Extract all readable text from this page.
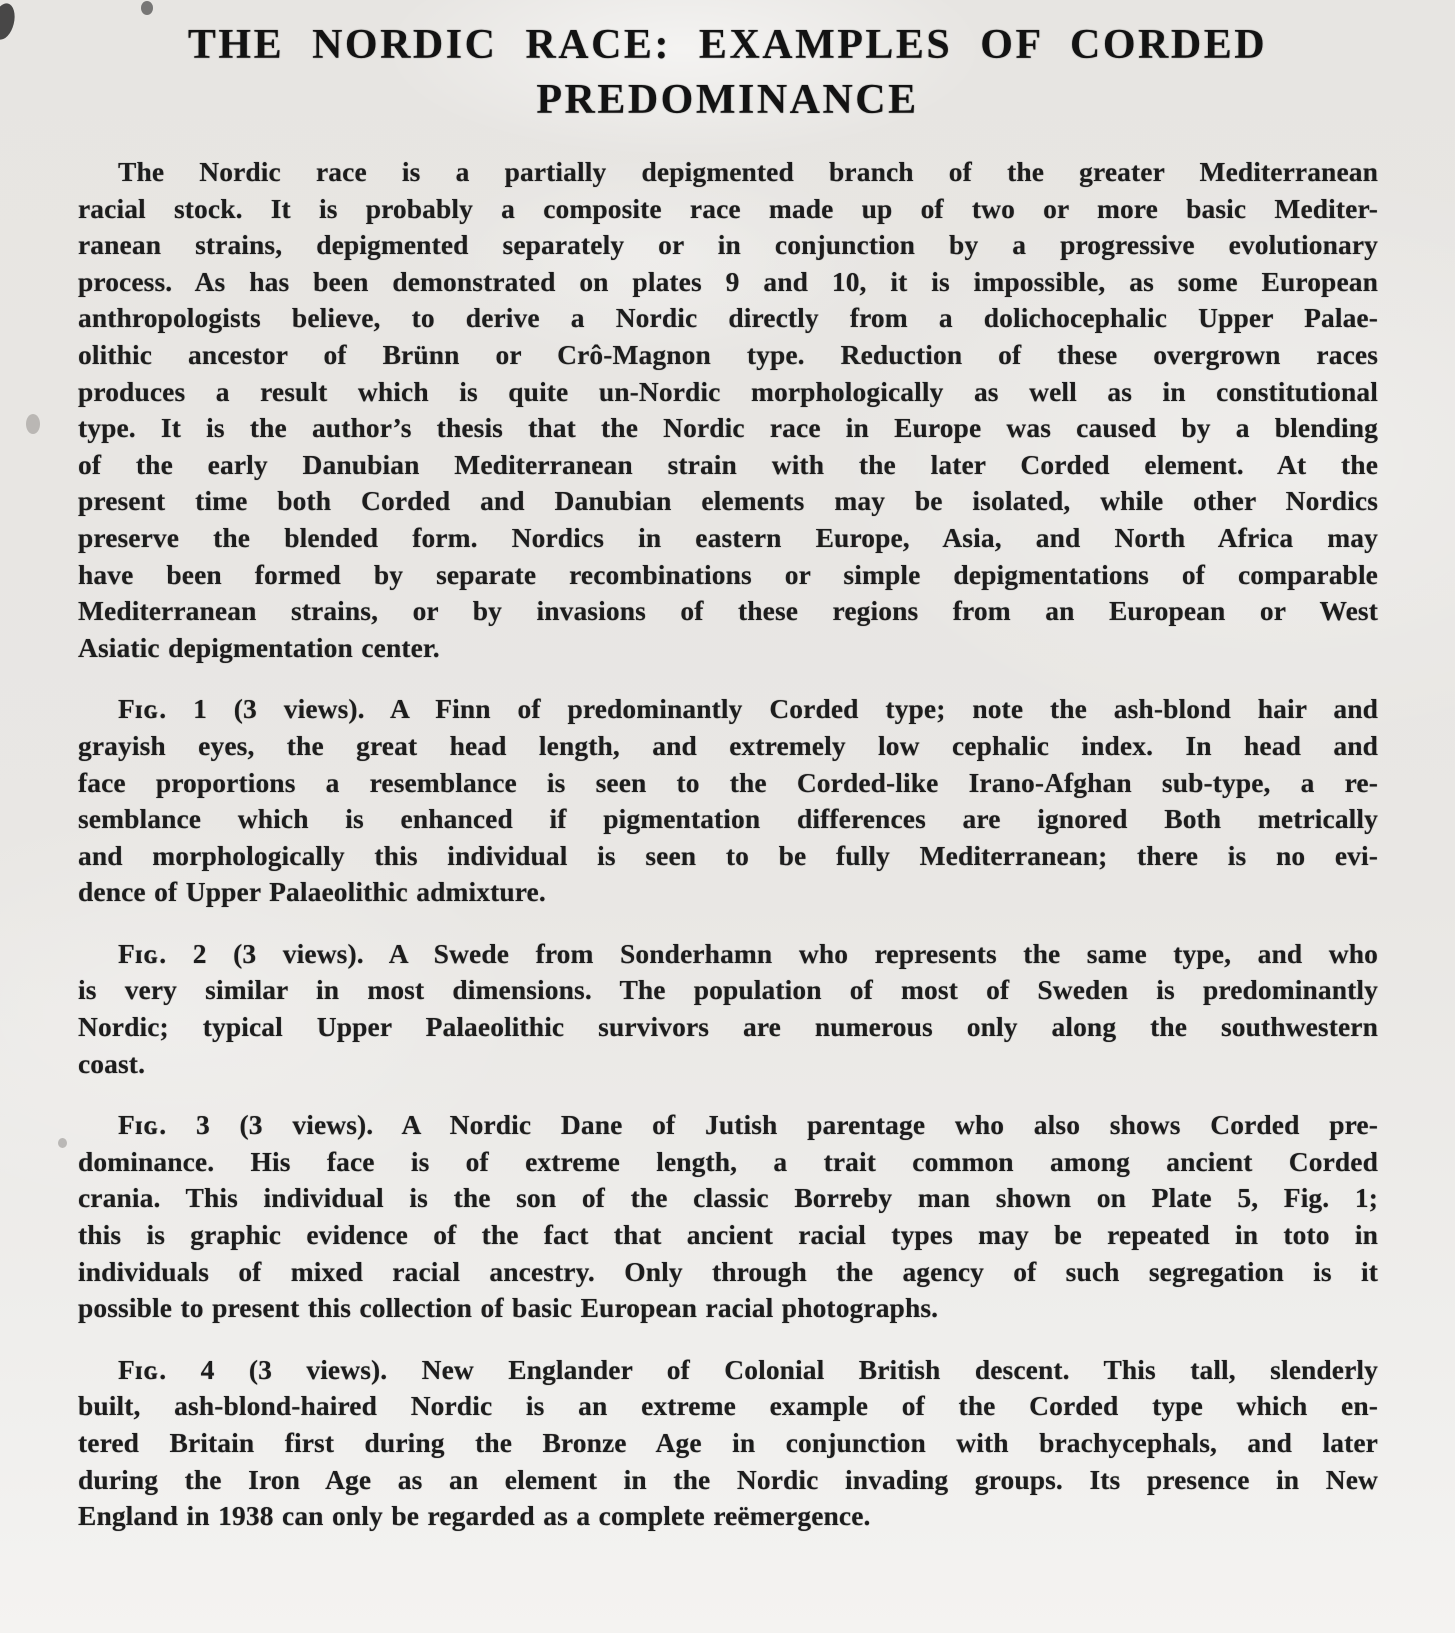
THE NORDIC RACE: EXAMPLES OF CORDED
PREDOMINANCE
The Nordic race is a partially depigmented branch of the greater Mediterranean
racial stock. It is probably a composite race made up of two or more basic Mediter-
ranean strains, depigmented separately or in conjunction by a progressive evolutionary
process. As has been demonstrated on plates 9 and 10, it is impossible, as some European
anthropologists believe, to derive a Nordic directly from a dolichocephalic Upper Palae-
olithic ancestor of Brünn or Crô-Magnon type. Reduction of these overgrown races
produces a result which is quite un-Nordic morphologically as well as in constitutional
type. It is the author’s thesis that the Nordic race in Europe was caused by a blending
of the early Danubian Mediterranean strain with the later Corded element. At the
present time both Corded and Danubian elements may be isolated, while other Nordics
preserve the blended form. Nordics in eastern Europe, Asia, and North Africa may
have been formed by separate recombinations or simple depigmentations of comparable
Mediterranean strains, or by invasions of these regions from an European or West
Asiatic depigmentation center.
Fɪɢ. 1 (3 views). A Finn of predominantly Corded type; note the ash-blond hair and
grayish eyes, the great head length, and extremely low cephalic index. In head and
face proportions a resemblance is seen to the Corded-like Irano-Afghan sub-type, a re-
semblance which is enhanced if pigmentation differences are ignored Both metrically
and morphologically this individual is seen to be fully Mediterranean; there is no evi-
dence of Upper Palaeolithic admixture.
Fɪɢ. 2 (3 views). A Swede from Sonderhamn who represents the same type, and who
is very similar in most dimensions. The population of most of Sweden is predominantly
Nordic; typical Upper Palaeolithic survivors are numerous only along the southwestern
coast.
Fɪɢ. 3 (3 views). A Nordic Dane of Jutish parentage who also shows Corded pre-
dominance. His face is of extreme length, a trait common among ancient Corded
crania. This individual is the son of the classic Borreby man shown on Plate 5, Fig. 1;
this is graphic evidence of the fact that ancient racial types may be repeated in toto in
individuals of mixed racial ancestry. Only through the agency of such segregation is it
possible to present this collection of basic European racial photographs.
Fɪɢ. 4 (3 views). New Englander of Colonial British descent. This tall, slenderly
built, ash-blond-haired Nordic is an extreme example of the Corded type which en-
tered Britain first during the Bronze Age in conjunction with brachycephals, and later
during the Iron Age as an element in the Nordic invading groups. Its presence in New
England in 1938 can only be regarded as a complete reëmergence.
